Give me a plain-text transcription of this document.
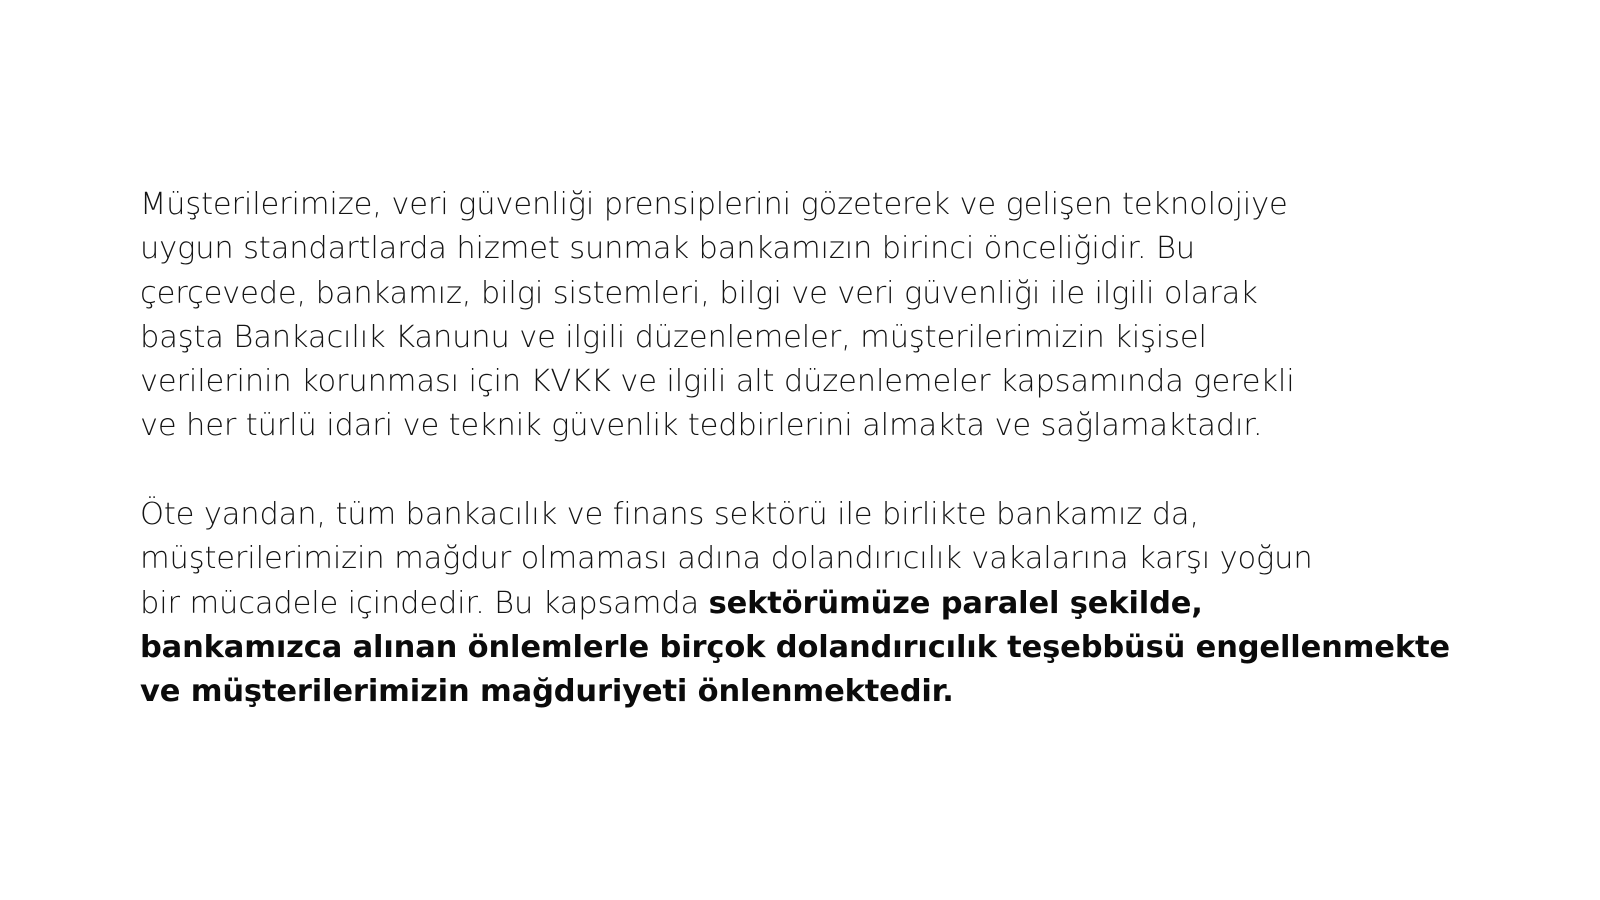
Müşterilerimize, veri güvenliği prensiplerini gözeterek ve gelişen teknolojiye
uygun standartlarda hizmet sunmak bankamızın birinci önceliğidir. Bu
çerçevede, bankamız, bilgi sistemleri, bilgi ve veri güvenliği ile ilgili olarak
başta Bankacılık Kanunu ve ilgili düzenlemeler, müşterilerimizin kişisel
verilerinin korunması için KVKK ve ilgili alt düzenlemeler kapsamında gerekli
ve her türlü idari ve teknik güvenlik tedbirlerini almakta ve sağlamaktadır.
Öte yandan, tüm bankacılık ve finans sektörü ile birlikte bankamız da,
müşterilerimizin mağdur olmaması adına dolandırıcılık vakalarına karşı yoğun
bir mücadele içindedir. Bu kapsamda sektörümüze paralel şekilde,
bankamızca alınan önlemlerle birçok dolandırıcılık teşebbüsü engellenmekte
ve müşterilerimizin mağduriyeti önlenmektedir.
